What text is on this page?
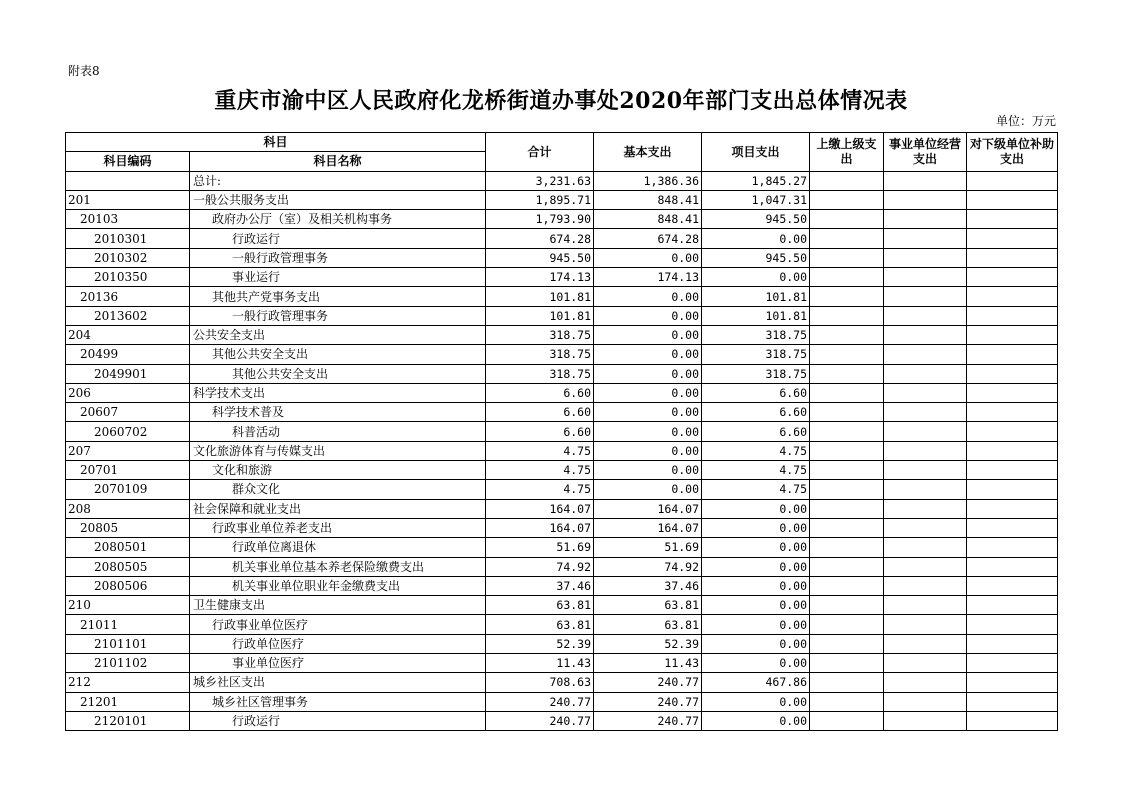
附表8
重庆市渝中区人民政府化龙桥街道办事处2020年部门支出总体情况表
单位：万元
科目		合计	基本支出	项目支出	上缴上级支出	事业单位经营支出	对下级单位补助支出
科目编码	科目名称						
	总计:	3,231.63	1,386.36	1,845.27			
201	一般公共服务支出	1,895.71	848.41	1,047.31			
20103	政府办公厅（室）及相关机构事务	1,793.90	848.41	945.50			
2010301	行政运行	674.28	674.28	0.00			
2010302	一般行政管理事务	945.50	0.00	945.50			
2010350	事业运行	174.13	174.13	0.00			
20136	其他共产党事务支出	101.81	0.00	101.81			
2013602	一般行政管理事务	101.81	0.00	101.81			
204	公共安全支出	318.75	0.00	318.75			
20499	其他公共安全支出	318.75	0.00	318.75			
2049901	其他公共安全支出	318.75	0.00	318.75			
206	科学技术支出	6.60	0.00	6.60			
20607	科学技术普及	6.60	0.00	6.60			
2060702	科普活动	6.60	0.00	6.60			
207	文化旅游体育与传媒支出	4.75	0.00	4.75			
20701	文化和旅游	4.75	0.00	4.75			
2070109	群众文化	4.75	0.00	4.75			
208	社会保障和就业支出	164.07	164.07	0.00			
20805	行政事业单位养老支出	164.07	164.07	0.00			
2080501	行政单位离退休	51.69	51.69	0.00			
2080505	机关事业单位基本养老保险缴费支出	74.92	74.92	0.00			
2080506	机关事业单位职业年金缴费支出	37.46	37.46	0.00			
210	卫生健康支出	63.81	63.81	0.00			
21011	行政事业单位医疗	63.81	63.81	0.00			
2101101	行政单位医疗	52.39	52.39	0.00			
2101102	事业单位医疗	11.43	11.43	0.00			
212	城乡社区支出	708.63	240.77	467.86			
21201	城乡社区管理事务	240.77	240.77	0.00			
2120101	行政运行	240.77	240.77	0.00			
